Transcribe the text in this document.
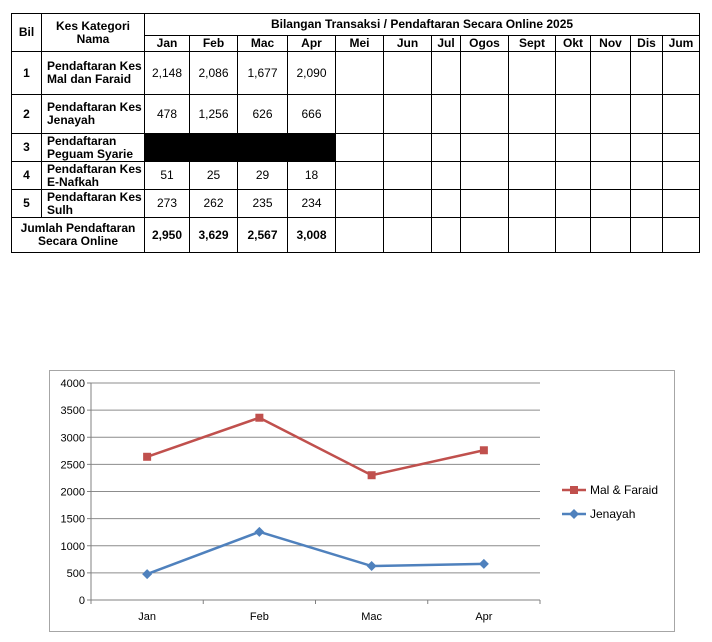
Bil	Kes Kategori Nama	Bilangan Transaksi / Pendaftaran Secara Online 2025												
		Jan	Feb	Mac	Apr	Mei	Jun	Jul	Ogos	Sept	Okt	Nov	Dis	Jum
1	Pendaftaran Kes Mal dan Faraid	2,148	2,086	1,677	2,090									
2	Pendaftaran Kes Jenayah	478	1,256	626	666									
3	Pendaftaran Peguam Syarie													
4	Pendaftaran Kes E-Nafkah	51	25	29	18									
5	Pendaftaran Kes Sulh	273	262	235	234									
Jumlah Pendaftaran Secara Online		2,950	3,629	2,567	3,008									
0
500
1000
1500
2000
2500
3000
3500
4000
Jan	Feb	Mac	Apr
Mal & Faraid
Jenayah
